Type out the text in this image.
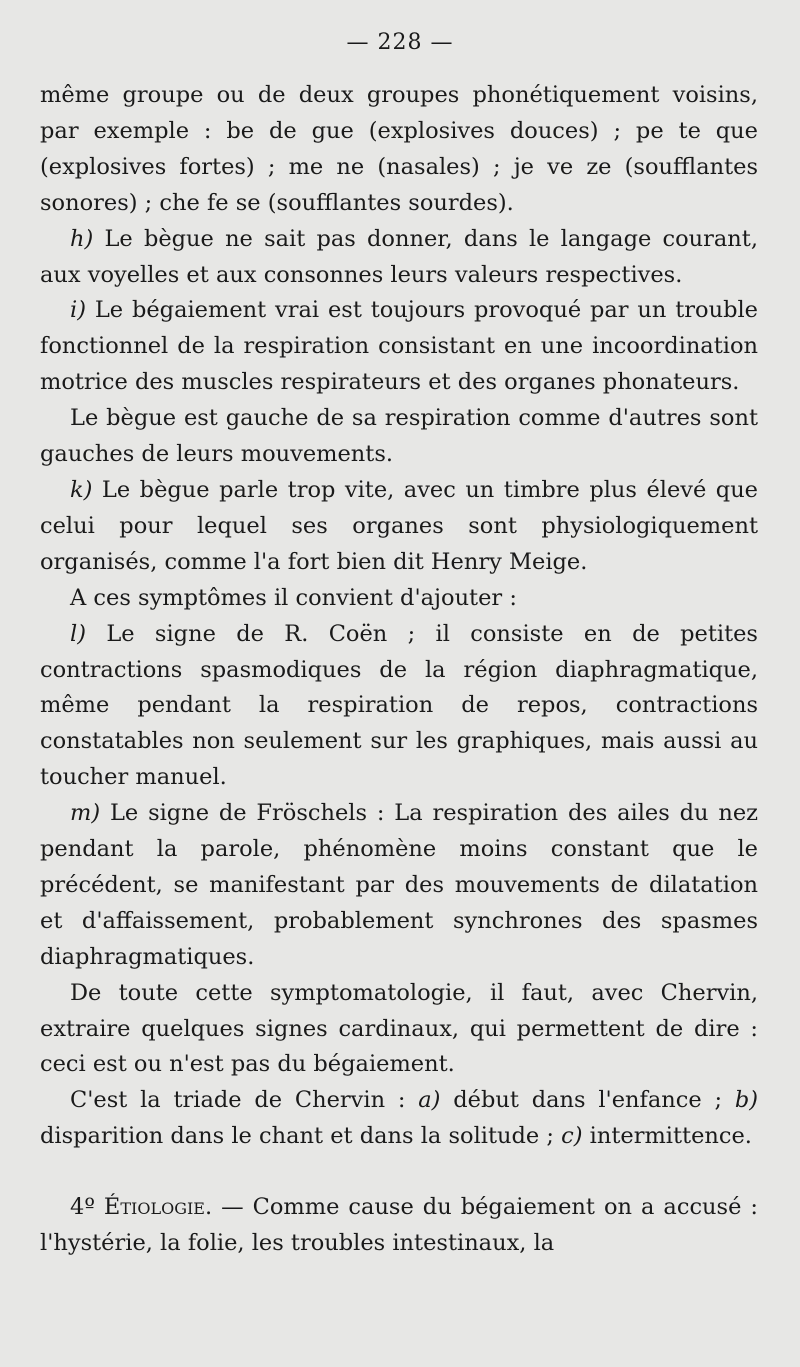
— 228 —

même groupe ou de deux groupes phonétiquement voisins, par exemple : be de gue (explosives douces) ; pe te que (explosives fortes) ; me ne (nasales) ; je ve ze (soufflantes sonores) ; che fe se (soufflantes sourdes).

h) Le bègue ne sait pas donner, dans le langage courant, aux voyelles et aux consonnes leurs valeurs respectives.

i) Le bégaiement vrai est toujours provoqué par un trouble fonctionnel de la respiration consistant en une incoordination motrice des muscles respirateurs et des organes phonateurs.

Le bègue est gauche de sa respiration comme d'autres sont gauches de leurs mouvements.

k) Le bègue parle trop vite, avec un timbre plus élevé que celui pour lequel ses organes sont physiologiquement organisés, comme l'a fort bien dit Henry Meige.

A ces symptômes il convient d'ajouter :

l) Le signe de R. Coën ; il consiste en de petites contractions spasmodiques de la région diaphragmatique, même pendant la respiration de repos, contractions constatables non seulement sur les graphiques, mais aussi au toucher manuel.

m) Le signe de Fröschels : La respiration des ailes du nez pendant la parole, phénomène moins constant que le précédent, se manifestant par des mouvements de dilatation et d'affaissement, probablement synchrones des spasmes diaphragmatiques.

De toute cette symptomatologie, il faut, avec Chervin, extraire quelques signes cardinaux, qui permettent de dire : ceci est ou n'est pas du bégaiement.

C'est la triade de Chervin : a) début dans l'enfance ; b) disparition dans le chant et dans la solitude ; c) intermittence.

4º Étiologie. — Comme cause du bégaiement on a accusé : l'hystérie, la folie, les troubles intestinaux, la
